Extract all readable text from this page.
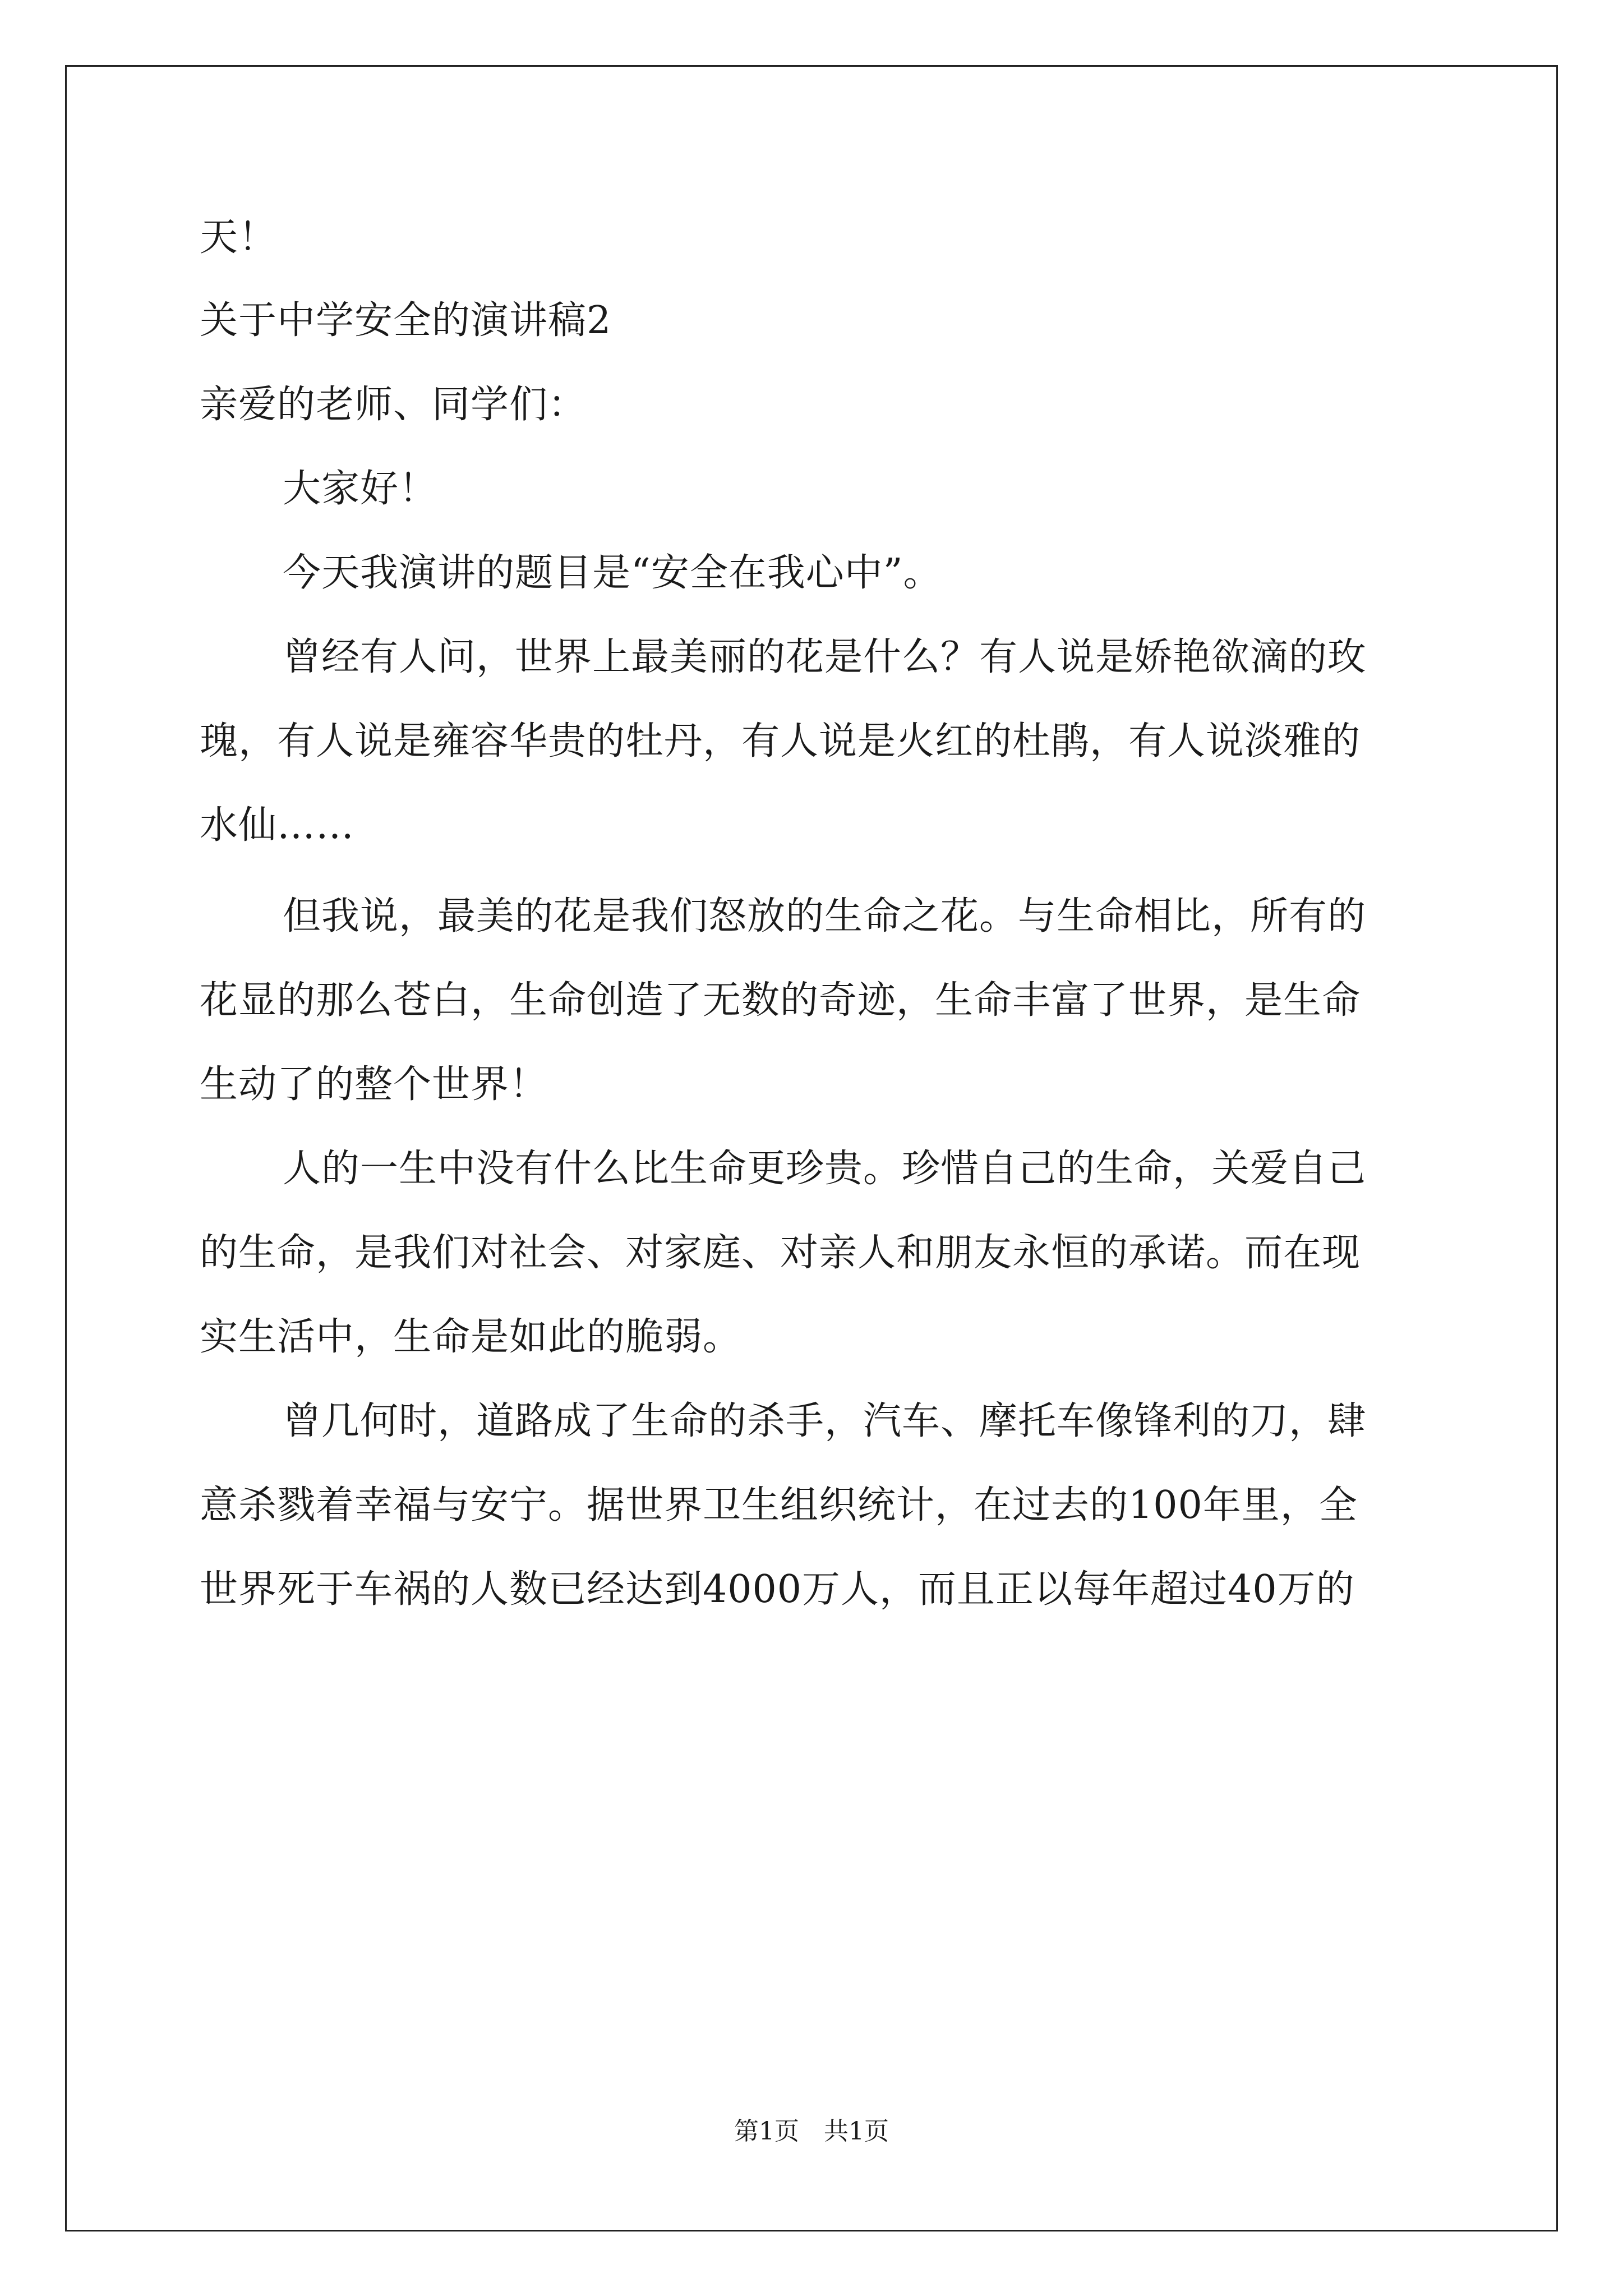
天！
关于中学安全的演讲稿2
亲爱的老师、同学们：
大家好！
今天我演讲的题目是“安全在我心中”。
曾经有人问，世界上最美丽的花是什么？有人说是娇艳欲滴的玫
瑰，有人说是雍容华贵的牡丹，有人说是火红的杜鹃，有人说淡雅的
水仙……
但我说，最美的花是我们怒放的生命之花。与生命相比，所有的
花显的那么苍白，生命创造了无数的奇迹，生命丰富了世界，是生命
生动了的整个世界！
人的一生中没有什么比生命更珍贵。珍惜自己的生命，关爱自己
的生命，是我们对社会、对家庭、对亲人和朋友永恒的承诺。而在现
实生活中，生命是如此的脆弱。
曾几何时，道路成了生命的杀手，汽车、摩托车像锋利的刀，肆
意杀戮着幸福与安宁。据世界卫生组织统计，在过去的100年里，全
世界死于车祸的人数已经达到4000万人，而且正以每年超过40万的
第1页　共1页
